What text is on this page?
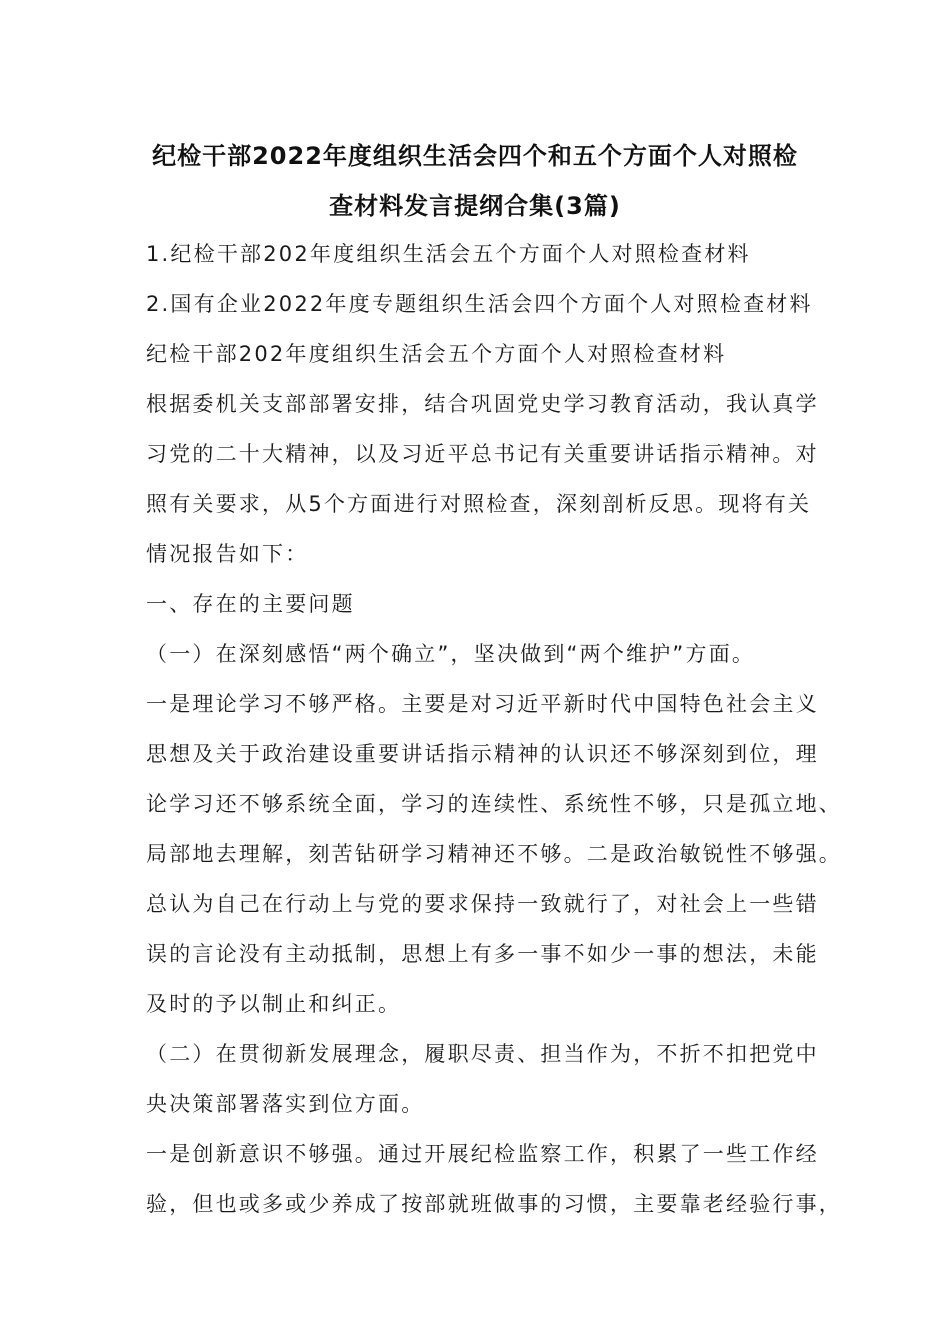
纪检干部2022年度组织生活会四个和五个方面个人对照检
查材料发言提纲合集(3篇)
1.纪检干部202年度组织生活会五个方面个人对照检查材料
2.国有企业2022年度专题组织生活会四个方面个人对照检查材料
纪检干部202年度组织生活会五个方面个人对照检查材料
根据委机关支部部署安排，结合巩固党史学习教育活动，我认真学
习党的二十大精神，以及习近平总书记有关重要讲话指示精神。对
照有关要求，从5个方面进行对照检查，深刻剖析反思。现将有关
情况报告如下：
一、存在的主要问题
（一）在深刻感悟“两个确立”，坚决做到“两个维护”方面。
一是理论学习不够严格。主要是对习近平新时代中国特色社会主义
思想及关于政治建设重要讲话指示精神的认识还不够深刻到位，理
论学习还不够系统全面，学习的连续性、系统性不够，只是孤立地、
局部地去理解，刻苦钻研学习精神还不够。二是政治敏锐性不够强。
总认为自己在行动上与党的要求保持一致就行了，对社会上一些错
误的言论没有主动抵制，思想上有多一事不如少一事的想法，未能
及时的予以制止和纠正。
（二）在贯彻新发展理念，履职尽责、担当作为，不折不扣把党中
央决策部署落实到位方面。
一是创新意识不够强。通过开展纪检监察工作，积累了一些工作经
验，但也或多或少养成了按部就班做事的习惯，主要靠老经验行事，
